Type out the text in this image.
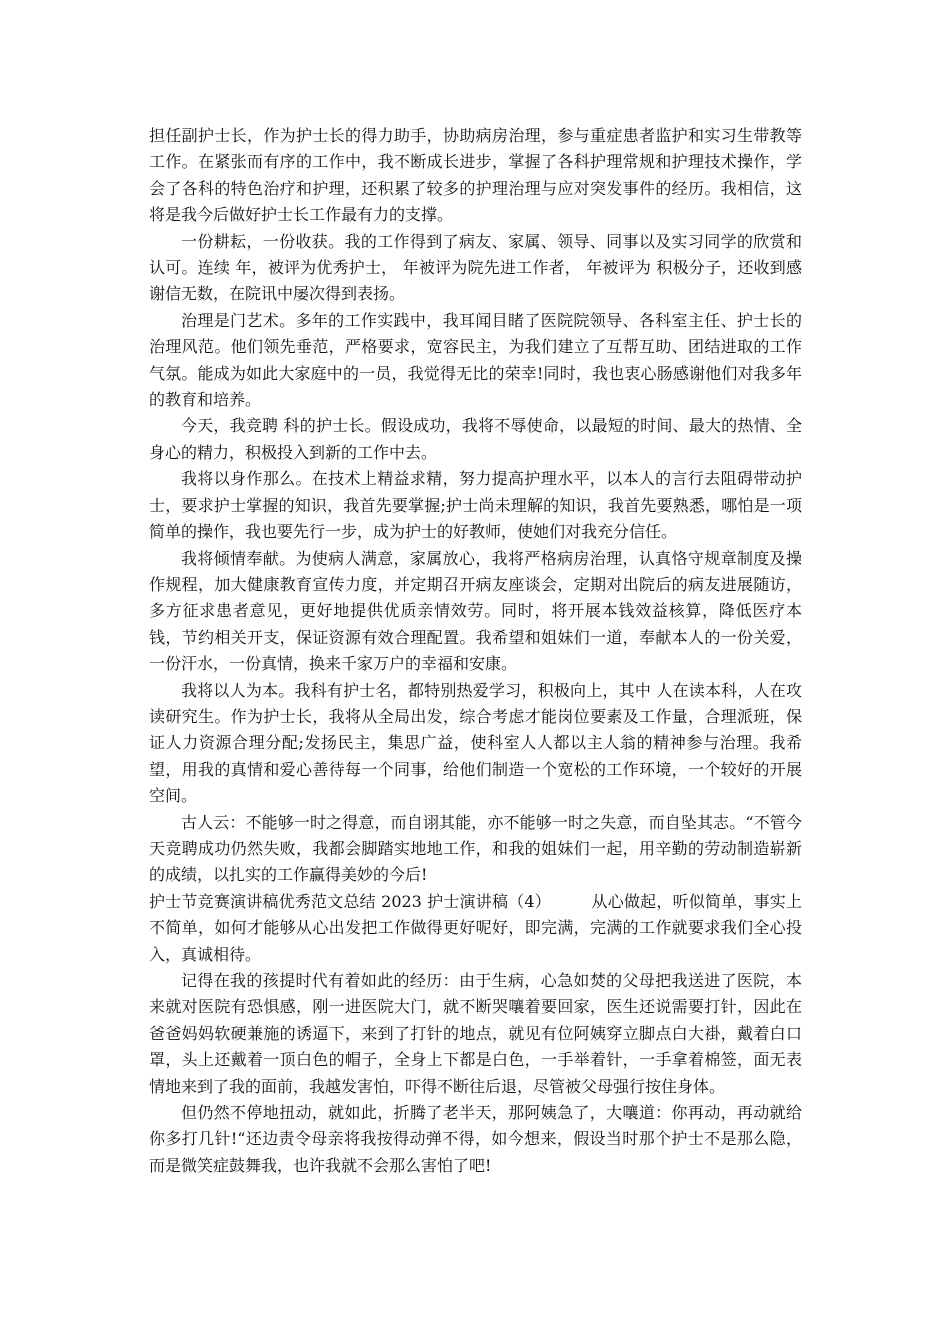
担任副护士长，作为护士长的得力助手，协助病房治理，参与重症患者监护和实习生带教等工作。在紧张而有序的工作中，我不断成长进步，掌握了各科护理常规和护理技术操作，学会了各科的特色治疗和护理，还积累了较多的护理治理与应对突发事件的经历。我相信，这将是我今后做好护士长工作最有力的支撑。

一份耕耘，一份收获。我的工作得到了病友、家属、领导、同事以及实习同学的欣赏和认可。连续 年，被评为优秀护士， 年被评为院先进工作者， 年被评为 积极分子，还收到感谢信无数，在院讯中屡次得到表扬。

治理是门艺术。多年的工作实践中，我耳闻目睹了医院院领导、各科室主任、护士长的治理风范。他们领先垂范，严格要求，宽容民主，为我们建立了互帮互助、团结进取的工作气氛。能成为如此大家庭中的一员，我觉得无比的荣幸!同时，我也衷心肠感谢他们对我多年的教育和培养。

今天，我竞聘 科的护士长。假设成功，我将不辱使命，以最短的时间、最大的热情、全身心的精力，积极投入到新的工作中去。

我将以身作那么。在技术上精益求精，努力提高护理水平，以本人的言行去阻碍带动护士，要求护士掌握的知识，我首先要掌握;护士尚未理解的知识，我首先要熟悉，哪怕是一项简单的操作，我也要先行一步，成为护士的好教师，使她们对我充分信任。

我将倾情奉献。为使病人满意，家属放心，我将严格病房治理，认真恪守规章制度及操作规程，加大健康教育宣传力度，并定期召开病友座谈会，定期对出院后的病友进展随访，多方征求患者意见，更好地提供优质亲情效劳。同时，将开展本钱效益核算，降低医疗本钱，节约相关开支，保证资源有效合理配置。我希望和姐妹们一道，奉献本人的一份关爱，一份汗水，一份真情，换来千家万户的幸福和安康。

我将以人为本。我科有护士名，都特别热爱学习，积极向上，其中 人在读本科，人在攻读研究生。作为护士长，我将从全局出发，综合考虑才能岗位要素及工作量，合理派班，保证人力资源合理分配;发扬民主，集思广益，使科室人人都以主人翁的精神参与治理。我希望，用我的真情和爱心善待每一个同事，给他们制造一个宽松的工作环境，一个较好的开展空间。

古人云：不能够一时之得意，而自诩其能，亦不能够一时之失意，而自坠其志。“不管今天竞聘成功仍然失败，我都会脚踏实地地工作，和我的姐妹们一起，用辛勤的劳动制造崭新的成绩，以扎实的工作赢得美妙的今后!

护士节竞赛演讲稿优秀范文总结 2023 护士演讲稿（4）　　　从心做起，听似简单，事实上不简单，如何才能够从心出发把工作做得更好呢好，即完满，完满的工作就要求我们全心投入，真诚相待。

记得在我的孩提时代有着如此的经历：由于生病，心急如焚的父母把我送进了医院，本来就对医院有恐惧感，刚一进医院大门，就不断哭嚷着要回家，医生还说需要打针，因此在爸爸妈妈软硬兼施的诱逼下，来到了打针的地点，就见有位阿姨穿立脚点白大褂，戴着白口罩，头上还戴着一顶白色的帽子，全身上下都是白色，一手举着针，一手拿着棉签，面无表情地来到了我的面前，我越发害怕，吓得不断往后退，尽管被父母强行按住身体。

但仍然不停地扭动，就如此，折腾了老半天，那阿姨急了，大嚷道：你再动，再动就给你多打几针!“还边责令母亲将我按得动弹不得，如今想来，假设当时那个护士不是那么隐，而是微笑症鼓舞我，也许我就不会那么害怕了吧!
